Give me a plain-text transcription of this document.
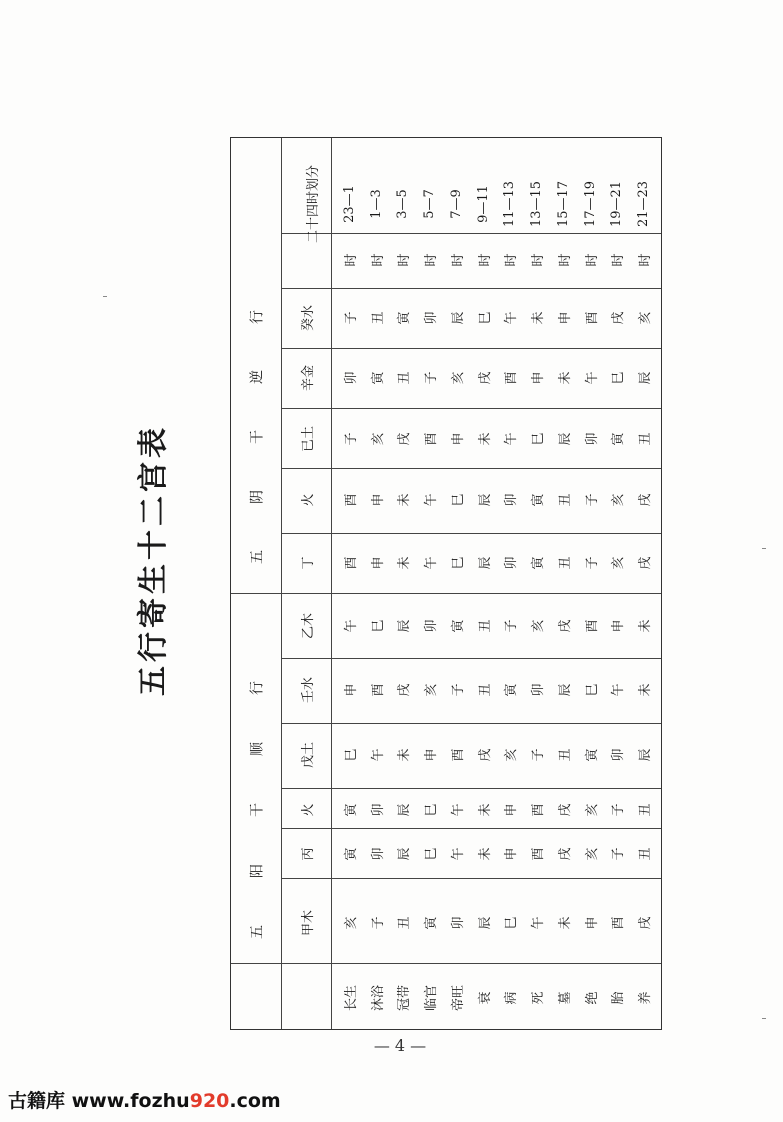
五行寄生十二宫表
五
阳
干
顺
行
五
阴
干
逆
行
甲木
丙
火
戊土
壬水
乙木
丁
火
已土
辛金
癸水
二十四时划分
亥
寅
寅
巳
申
午
酉
酉
子
卯
子
时
23—1
子
卯
卯
午
酉
巳
申
申
亥
寅
丑
时
1—3
丑
辰
辰
未
戌
辰
未
未
戌
丑
寅
时
3—5
寅
巳
巳
申
亥
卯
午
午
酉
子
卯
时
5—7
卯
午
午
酉
子
寅
巳
巳
申
亥
辰
时
7—9
辰
未
未
戌
丑
丑
辰
辰
未
戌
巳
时
9—11
巳
申
申
亥
寅
子
卯
卯
午
酉
午
时
11—13
午
酉
酉
子
卯
亥
寅
寅
巳
申
未
时
13—15
未
戌
戌
丑
辰
戌
丑
丑
辰
未
申
时
15—17
申
亥
亥
寅
巳
酉
子
子
卯
午
酉
时
17—19
酉
子
子
卯
午
申
亥
亥
寅
巳
戌
时
19—21
戌
丑
丑
辰
未
未
戌
戌
丑
辰
亥
时
21—23
长生 沐浴 冠带 临官 帝旺 衰 病 死 墓 绝 胎 养
— 4 —
古籍库 www.fozhu920.com
